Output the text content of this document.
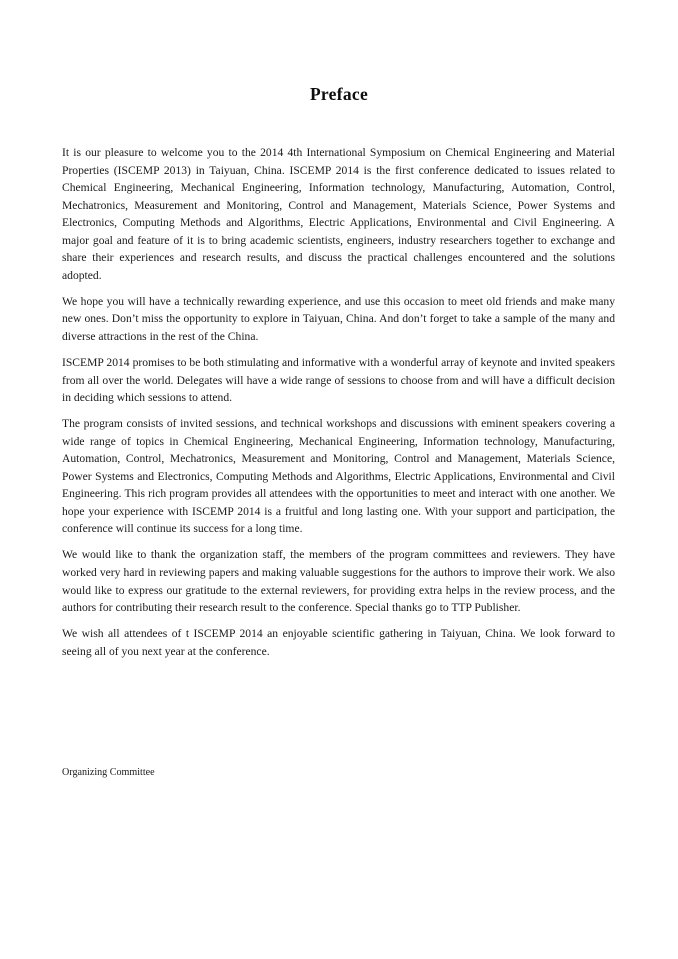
Preface

It is our pleasure to welcome you to the 2014 4th International Symposium on Chemical Engineering and Material Properties (ISCEMP 2013) in Taiyuan, China. ISCEMP 2014 is the first conference dedicated to issues related to Chemical Engineering, Mechanical Engineering, Information technology, Manufacturing, Automation, Control, Mechatronics, Measurement and Monitoring, Control and Management, Materials Science, Power Systems and Electronics, Computing Methods and Algorithms, Electric Applications, Environmental and Civil Engineering. A major goal and feature of it is to bring academic scientists, engineers, industry researchers together to exchange and share their experiences and research results, and discuss the practical challenges encountered and the solutions adopted.

We hope you will have a technically rewarding experience, and use this occasion to meet old friends and make many new ones. Don’t miss the opportunity to explore in Taiyuan, China. And don’t forget to take a sample of the many and diverse attractions in the rest of the China.

ISCEMP 2014 promises to be both stimulating and informative with a wonderful array of keynote and invited speakers from all over the world. Delegates will have a wide range of sessions to choose from and will have a difficult decision in deciding which sessions to attend.

The program consists of invited sessions, and technical workshops and discussions with eminent speakers covering a wide range of topics in Chemical Engineering, Mechanical Engineering, Information technology, Manufacturing, Automation, Control, Mechatronics, Measurement and Monitoring, Control and Management, Materials Science, Power Systems and Electronics, Computing Methods and Algorithms, Electric Applications, Environmental and Civil Engineering. This rich program provides all attendees with the opportunities to meet and interact with one another. We hope your experience with ISCEMP 2014 is a fruitful and long lasting one. With your support and participation, the conference will continue its success for a long time.

We would like to thank the organization staff, the members of the program committees and reviewers. They have worked very hard in reviewing papers and making valuable suggestions for the authors to improve their work. We also would like to express our gratitude to the external reviewers, for providing extra helps in the review process, and the authors for contributing their research result to the conference. Special thanks go to TTP Publisher.

We wish all attendees of t ISCEMP 2014 an enjoyable scientific gathering in Taiyuan, China. We look forward to seeing all of you next year at the conference.

Organizing Committee
